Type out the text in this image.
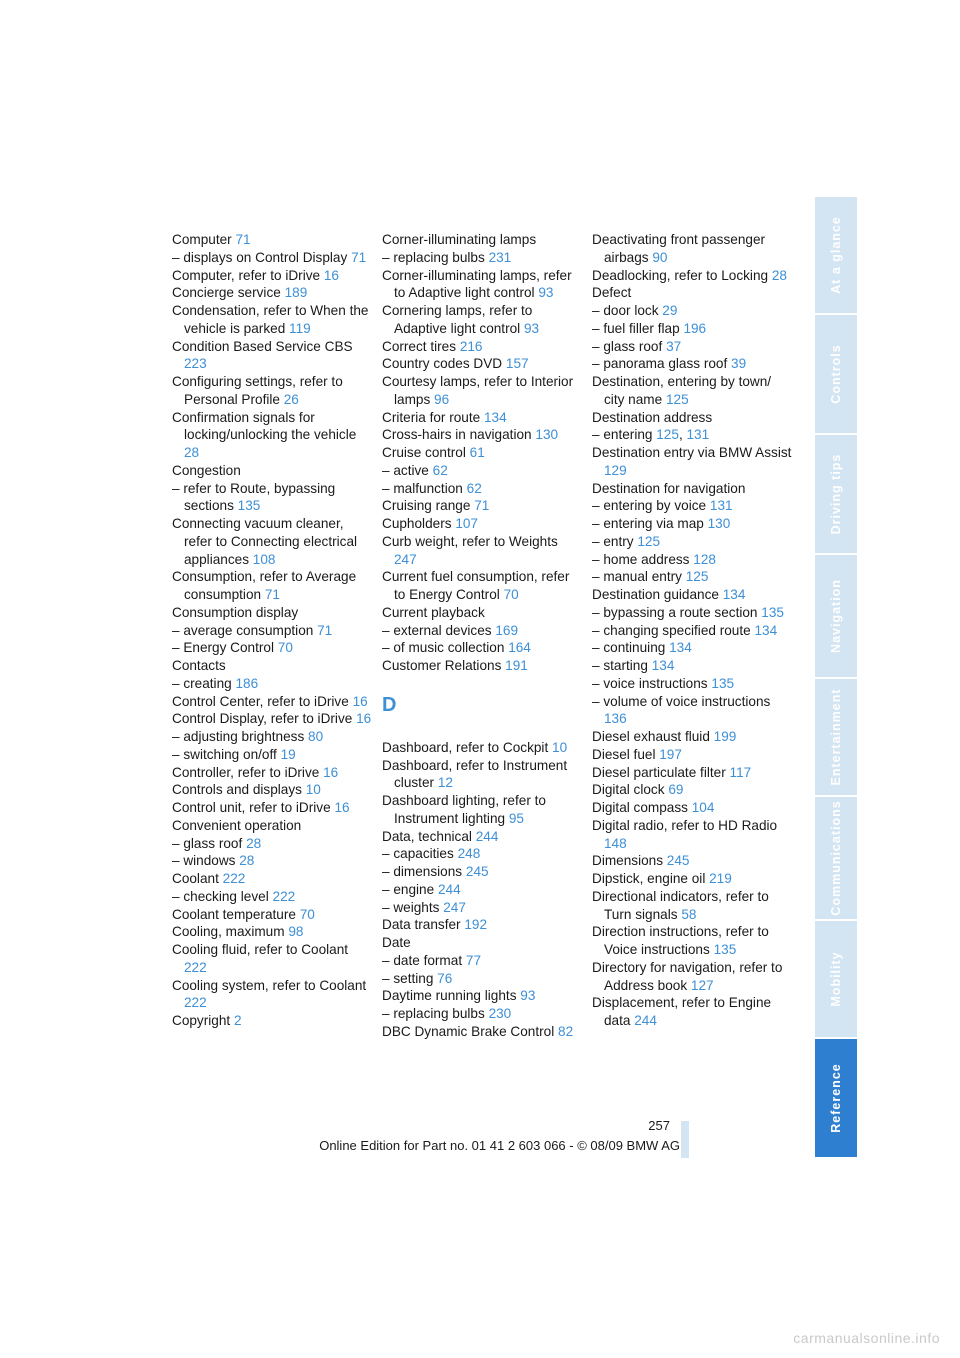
Computer 71
– displays on Control Display 71
Computer, refer to iDrive 16
Concierge service 189
Condensation, refer to When the vehicle is parked 119
Condition Based Service CBS223
Configuring settings, refer to Personal Profile 26
Confirmation signals for locking/unlocking the vehicle28
Congestion
– refer to Route, bypassing sections 135
Connecting vacuum cleaner, refer to Connecting electrical appliances 108
Consumption, refer to Average consumption 71
Consumption display
– average consumption 71
– Energy Control 70
Contacts
– creating 186
Control Center, refer to iDrive 16
Control Display, refer to iDrive 16
– adjusting brightness 80
– switching on/off 19
Controller, refer to iDrive 16
Controls and displays 10
Control unit, refer to iDrive 16
Convenient operation
– glass roof 28
– windows 28
Coolant 222
– checking level 222
Coolant temperature 70
Cooling, maximum 98
Cooling fluid, refer to Coolant222
Cooling system, refer to Coolant222
Copyright 2
Corner-illuminating lamps
– replacing bulbs 231
Corner-illuminating lamps, refer to Adaptive light control 93
Cornering lamps, refer to Adaptive light control 93
Correct tires 216
Country codes DVD 157
Courtesy lamps, refer to Interior lamps 96
Criteria for route 134
Cross-hairs in navigation 130
Cruise control 61
– active 62
– malfunction 62
Cruising range 71
Cupholders 107
Curb weight, refer to Weights247
Current fuel consumption, refer to Energy Control 70
Current playback
– external devices 169
– of music collection 164
Customer Relations 191
D
Dashboard, refer to Cockpit 10
Dashboard, refer to Instrument cluster 12
Dashboard lighting, refer to Instrument lighting 95
Data, technical 244
– capacities 248
– dimensions 245
– engine 244
– weights 247
Data transfer 192
Date
– date format 77
– setting 76
Daytime running lights 93
– replacing bulbs 230
DBC Dynamic Brake Control 82
Deactivating front passenger airbags 90
Deadlocking, refer to Locking 28
Defect
– door lock 29
– fuel filler flap 196
– glass roof 37
– panorama glass roof 39
Destination, entering by town/ city name 125
Destination address
– entering 125, 131
Destination entry via BMW Assist129
Destination for navigation
– entering by voice 131
– entering via map 130
– entry 125
– home address 128
– manual entry 125
Destination guidance 134
– bypassing a route section 135
– changing specified route 134
– continuing 134
– starting 134
– voice instructions 135
– volume of voice instructions136
Diesel exhaust fluid 199
Diesel fuel 197
Diesel particulate filter 117
Digital clock 69
Digital compass 104
Digital radio, refer to HD Radio148
Dimensions 245
Dipstick, engine oil 219
Directional indicators, refer to Turn signals 58
Direction instructions, refer to Voice instructions 135
Directory for navigation, refer to Address book 127
Displacement, refer to Engine data 244
At a glance
Controls
Driving tips
Navigation
Entertainment
Communications
Mobility
Reference
257
Online Edition for Part no. 01 41 2 603 066 - © 08/09 BMW AG
carmanualsonline.info
